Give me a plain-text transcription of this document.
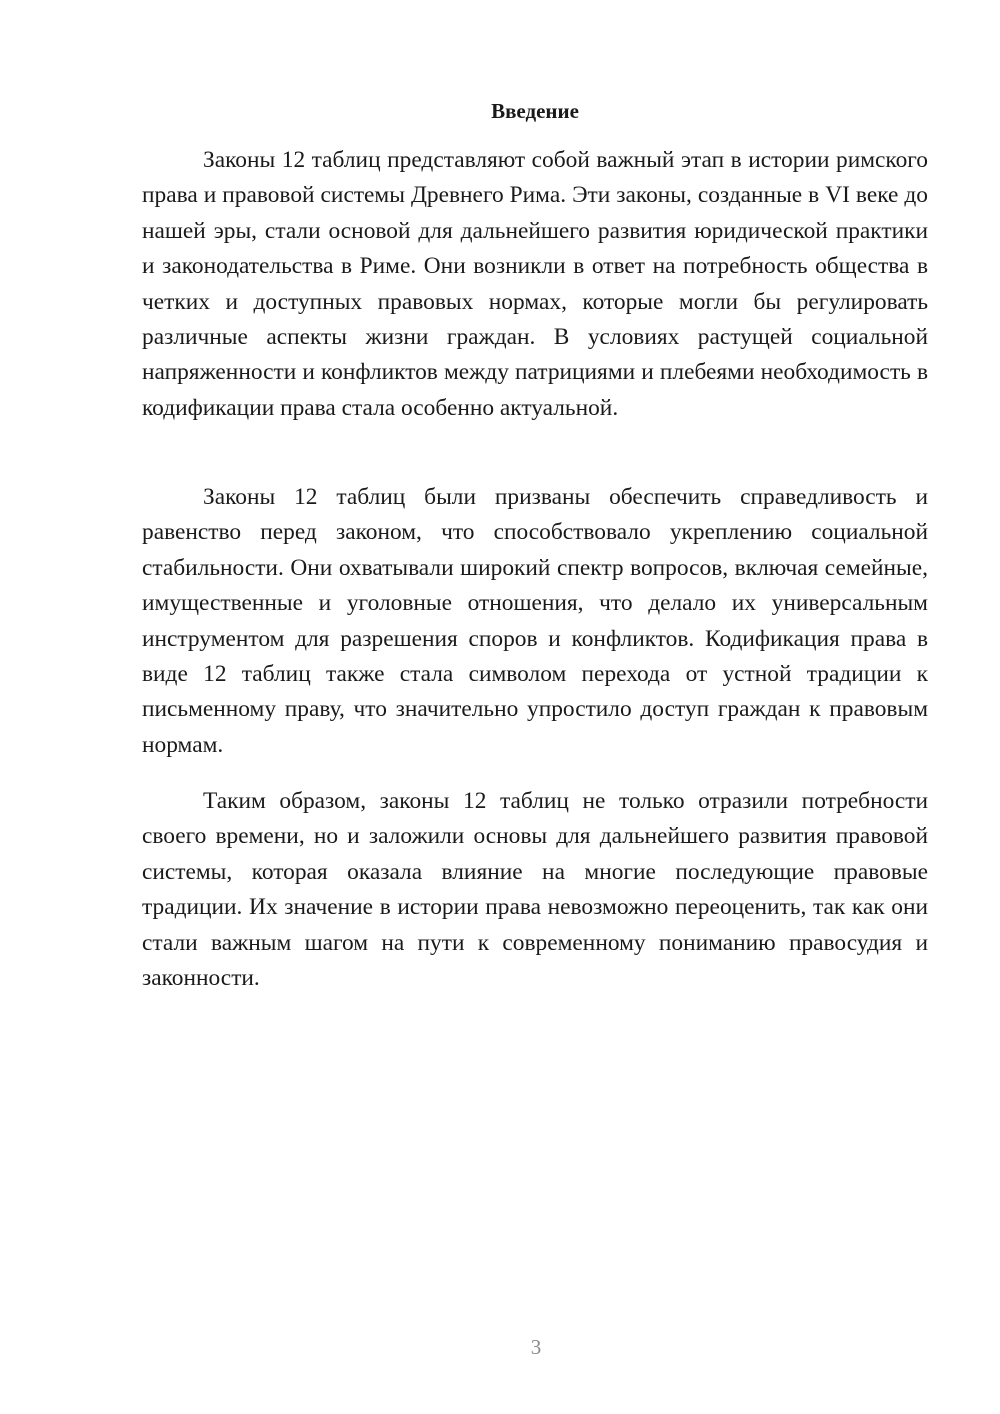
Введение

Законы 12 таблиц представляют собой важный этап в истории римского права и правовой системы Древнего Рима. Эти законы, созданные в VI веке до нашей эры, стали основой для дальнейшего развития юридической практики и законодательства в Риме. Они возникли в ответ на потребность общества в четких и доступных правовых нормах, которые могли бы регулировать различные аспекты жизни граждан. В условиях растущей социальной напряженности и конфликтов между патрициями и плебеями необходимость в кодификации права стала особенно актуальной.

Законы 12 таблиц были призваны обеспечить справедливость и равенство перед законом, что способствовало укреплению социальной стабильности. Они охватывали широкий спектр вопросов, включая семейные, имущественные и уголовные отношения, что делало их универсальным инструментом для разрешения споров и конфликтов. Кодификация права в виде 12 таблиц также стала символом перехода от устной традиции к письменному праву, что значительно упростило доступ граждан к правовым нормам.

Таким образом, законы 12 таблиц не только отразили потребности своего времени, но и заложили основы для дальнейшего развития правовой системы, которая оказала влияние на многие последующие правовые традиции. Их значение в истории права невозможно переоценить, так как они стали важным шагом на пути к современному пониманию правосудия и законности.

3
